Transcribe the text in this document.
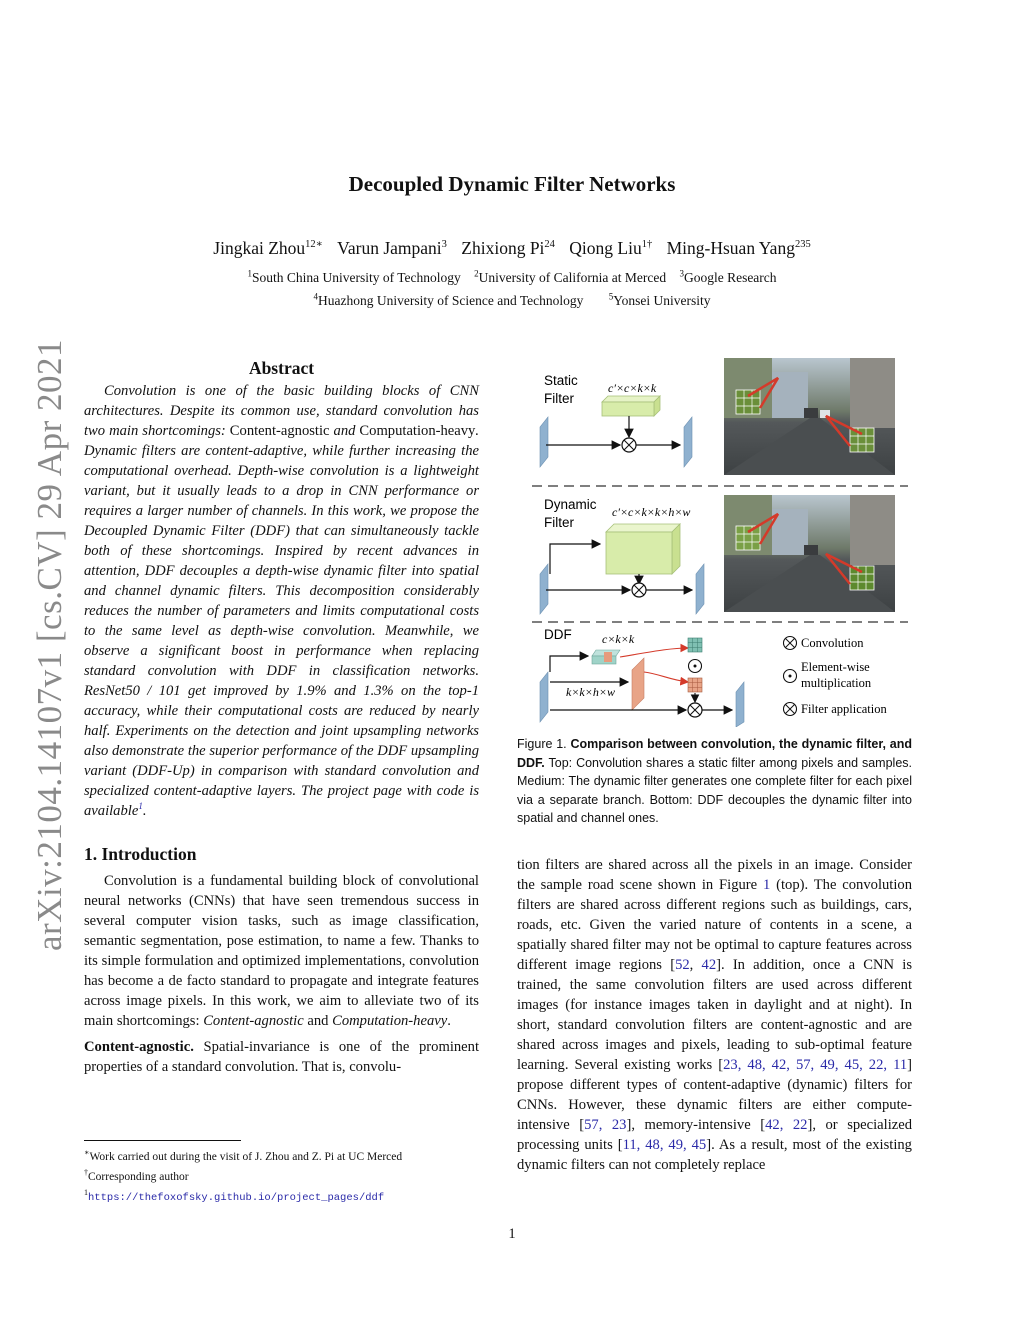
arXiv:2104.14107v1 [cs.CV] 29 Apr 2021
Decoupled Dynamic Filter Networks
Jingkai Zhou$^{12∗}$ Varun Jampani$^3$ Zhixiong Pi$^{24}$ Qiong Liu$^{1\dagger}$ Ming-Hsuan Yang$^{235}$
$^1$South China University of Technology $^2$University of California at Merced $^3$Google Research
$^4$Huazhong University of Science and Technology	$^5$Yonsei University
Abstract

Convolution is one of the basic building blocks of CNN architectures. Despite its common use, standard convolution has two main shortcomings: Content-agnostic and Computation-heavy. Dynamic filters are content-adaptive, while further increasing the computational overhead. Depth-wise convolution is a lightweight variant, but it usually leads to a drop in CNN performance or requires a larger number of channels. In this work, we propose the Decoupled Dynamic Filter (DDF) that can simultaneously tackle both of these shortcomings. Inspired by recent advances in attention, DDF decouples a depth-wise dynamic filter into spatial and channel dynamic filters. This decomposition considerably reduces the number of parameters and limits computational costs to the same level as depth-wise convolution. Meanwhile, we observe a significant boost in performance when replacing standard convolution with DDF in classification networks. ResNet50 / 101 get improved by 1.9% and 1.3% on the top-1 accuracy, while their computational costs are reduced by nearly half. Experiments on the detection and joint upsampling networks also demonstrate the superior performance of the DDF upsampling variant (DDF-Up) in comparison with standard convolution and specialized content-adaptive layers. The project page with code is available$^1$.

1. Introduction

Convolution is a fundamental building block of convolutional neural networks (CNNs) that have seen tremendous success in several computer vision tasks, such as image classification, semantic segmentation, pose estimation, to name a few. Thanks to its simple formulation and optimized implementations, convolution has become a de facto standard to propagate and integrate features across image pixels. In this work, we aim to alleviate two of its main shortcomings: Content-agnostic and Computation-heavy.

Content-agnostic. Spatial-invariance is one of the prominent properties of a standard convolution. That is, convolu-

∗Work carried out during the visit of J. Zhou and Z. Pi at UC Merced
†Corresponding author
$^1$https://thefoxofsky.github.io/project_pages/ddf
Static
Filter
c′×c×k×k
Dynamic
Filter
c′×c×k×k×h×w
DDF	c×k×k
k×k×h×w
Convolution
Element-wise
multiplication
Filter application
Figure 1. Comparison between convolution, the dynamic filter, and DDF. Top: Convolution shares a static filter among pixels and samples. Medium: The dynamic filter generates one complete filter for each pixel via a separate branch. Bottom: DDF decouples the dynamic filter into spatial and channel ones.

tion filters are shared across all the pixels in an image. Consider the sample road scene shown in Figure 1 (top). The convolution filters are shared across different regions such as buildings, cars, roads, etc. Given the varied nature of contents in a scene, a spatially shared filter may not be optimal to capture features across different image regions [52, 42]. In addition, once a CNN is trained, the same convolution filters are used across different images (for instance images taken in daylight and at night). In short, standard convolution filters are content-agnostic and are shared across images and pixels, leading to sub-optimal feature learning. Several existing works [23, 48, 42, 57, 49, 45, 22, 11] propose different types of content-adaptive (dynamic) filters for CNNs. However, these dynamic filters are either compute-intensive [57, 23], memory-intensive [42, 22], or specialized processing units [11, 48, 49, 45]. As a result, most of the existing dynamic filters can not completely replace

1
